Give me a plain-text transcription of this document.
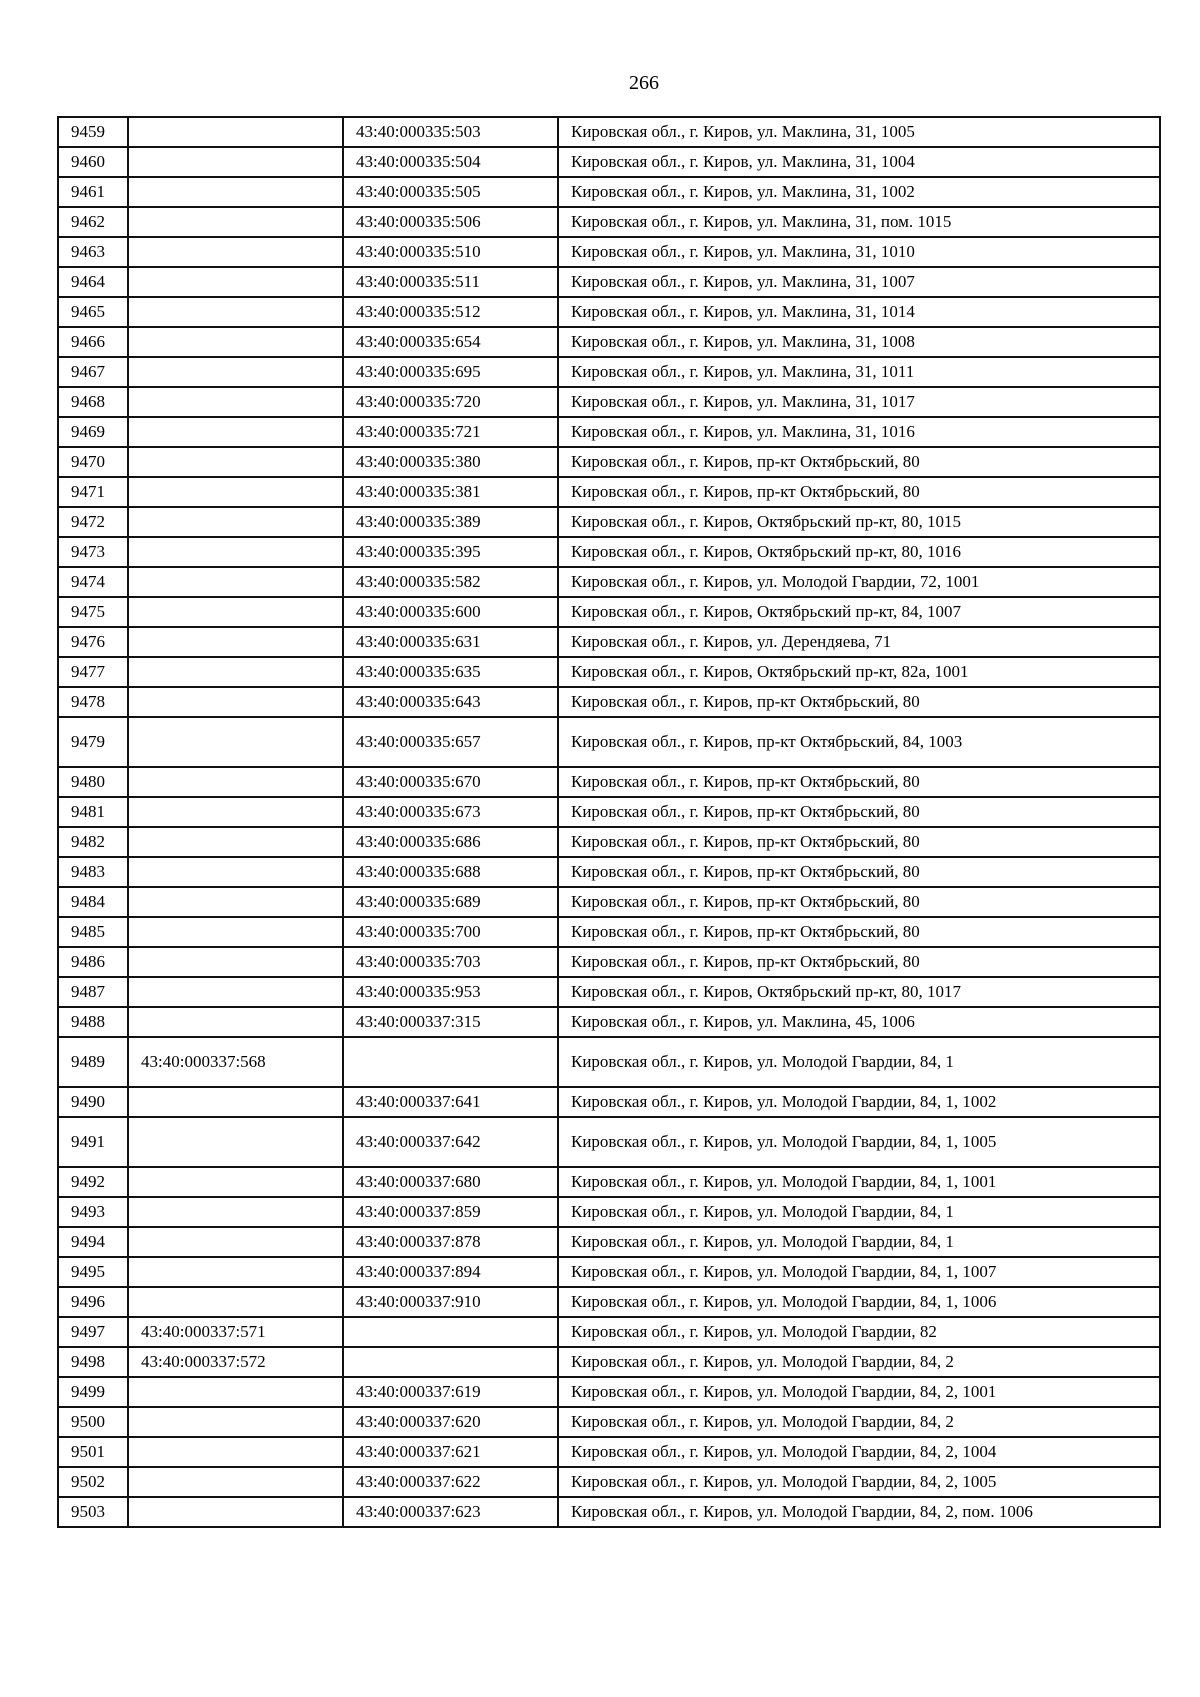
266
9459		43:40:000335:503	Кировская обл., г. Киров, ул. Маклина, 31, 1005
9460		43:40:000335:504	Кировская обл., г. Киров, ул. Маклина, 31, 1004
9461		43:40:000335:505	Кировская обл., г. Киров, ул. Маклина, 31, 1002
9462		43:40:000335:506	Кировская обл., г. Киров, ул. Маклина, 31, пом. 1015
9463		43:40:000335:510	Кировская обл., г. Киров, ул. Маклина, 31, 1010
9464		43:40:000335:511	Кировская обл., г. Киров, ул. Маклина, 31, 1007
9465		43:40:000335:512	Кировская обл., г. Киров, ул. Маклина, 31, 1014
9466		43:40:000335:654	Кировская обл., г. Киров, ул. Маклина, 31, 1008
9467		43:40:000335:695	Кировская обл., г. Киров, ул. Маклина, 31, 1011
9468		43:40:000335:720	Кировская обл., г. Киров, ул. Маклина, 31, 1017
9469		43:40:000335:721	Кировская обл., г. Киров, ул. Маклина, 31, 1016
9470		43:40:000335:380	Кировская обл., г. Киров, пр-кт Октябрьский, 80
9471		43:40:000335:381	Кировская обл., г. Киров, пр-кт Октябрьский, 80
9472		43:40:000335:389	Кировская обл., г. Киров, Октябрьский пр-кт, 80, 1015
9473		43:40:000335:395	Кировская обл., г. Киров, Октябрьский пр-кт, 80, 1016
9474		43:40:000335:582	Кировская обл., г. Киров, ул. Молодой Гвардии, 72, 1001
9475		43:40:000335:600	Кировская обл., г. Киров, Октябрьский пр-кт, 84, 1007
9476		43:40:000335:631	Кировская обл., г. Киров, ул. Дерендяева, 71
9477		43:40:000335:635	Кировская обл., г. Киров, Октябрьский пр-кт, 82а, 1001
9478		43:40:000335:643	Кировская обл., г. Киров, пр-кт Октябрьский, 80
9479		43:40:000335:657	Кировская обл., г. Киров, пр-кт Октябрьский, 84, 1003
9480		43:40:000335:670	Кировская обл., г. Киров, пр-кт Октябрьский, 80
9481		43:40:000335:673	Кировская обл., г. Киров, пр-кт Октябрьский, 80
9482		43:40:000335:686	Кировская обл., г. Киров, пр-кт Октябрьский, 80
9483		43:40:000335:688	Кировская обл., г. Киров, пр-кт Октябрьский, 80
9484		43:40:000335:689	Кировская обл., г. Киров, пр-кт Октябрьский, 80
9485		43:40:000335:700	Кировская обл., г. Киров, пр-кт Октябрьский, 80
9486		43:40:000335:703	Кировская обл., г. Киров, пр-кт Октябрьский, 80
9487		43:40:000335:953	Кировская обл., г. Киров, Октябрьский пр-кт, 80, 1017
9488		43:40:000337:315	Кировская обл., г. Киров, ул. Маклина, 45, 1006
9489	43:40:000337:568		Кировская обл., г. Киров, ул. Молодой Гвардии, 84, 1
9490		43:40:000337:641	Кировская обл., г. Киров, ул. Молодой Гвардии, 84, 1, 1002
9491		43:40:000337:642	Кировская обл., г. Киров, ул. Молодой Гвардии, 84, 1, 1005
9492		43:40:000337:680	Кировская обл., г. Киров, ул. Молодой Гвардии, 84, 1, 1001
9493		43:40:000337:859	Кировская обл., г. Киров, ул. Молодой Гвардии, 84, 1
9494		43:40:000337:878	Кировская обл., г. Киров, ул. Молодой Гвардии, 84, 1
9495		43:40:000337:894	Кировская обл., г. Киров, ул. Молодой Гвардии, 84, 1, 1007
9496		43:40:000337:910	Кировская обл., г. Киров, ул. Молодой Гвардии, 84, 1, 1006
9497	43:40:000337:571		Кировская обл., г. Киров, ул. Молодой Гвардии, 82
9498	43:40:000337:572		Кировская обл., г. Киров, ул. Молодой Гвардии, 84, 2
9499		43:40:000337:619	Кировская обл., г. Киров, ул. Молодой Гвардии, 84, 2, 1001
9500		43:40:000337:620	Кировская обл., г. Киров, ул. Молодой Гвардии, 84, 2
9501		43:40:000337:621	Кировская обл., г. Киров, ул. Молодой Гвардии, 84, 2, 1004
9502		43:40:000337:622	Кировская обл., г. Киров, ул. Молодой Гвардии, 84, 2, 1005
9503		43:40:000337:623	Кировская обл., г. Киров, ул. Молодой Гвардии, 84, 2, пом. 1006
